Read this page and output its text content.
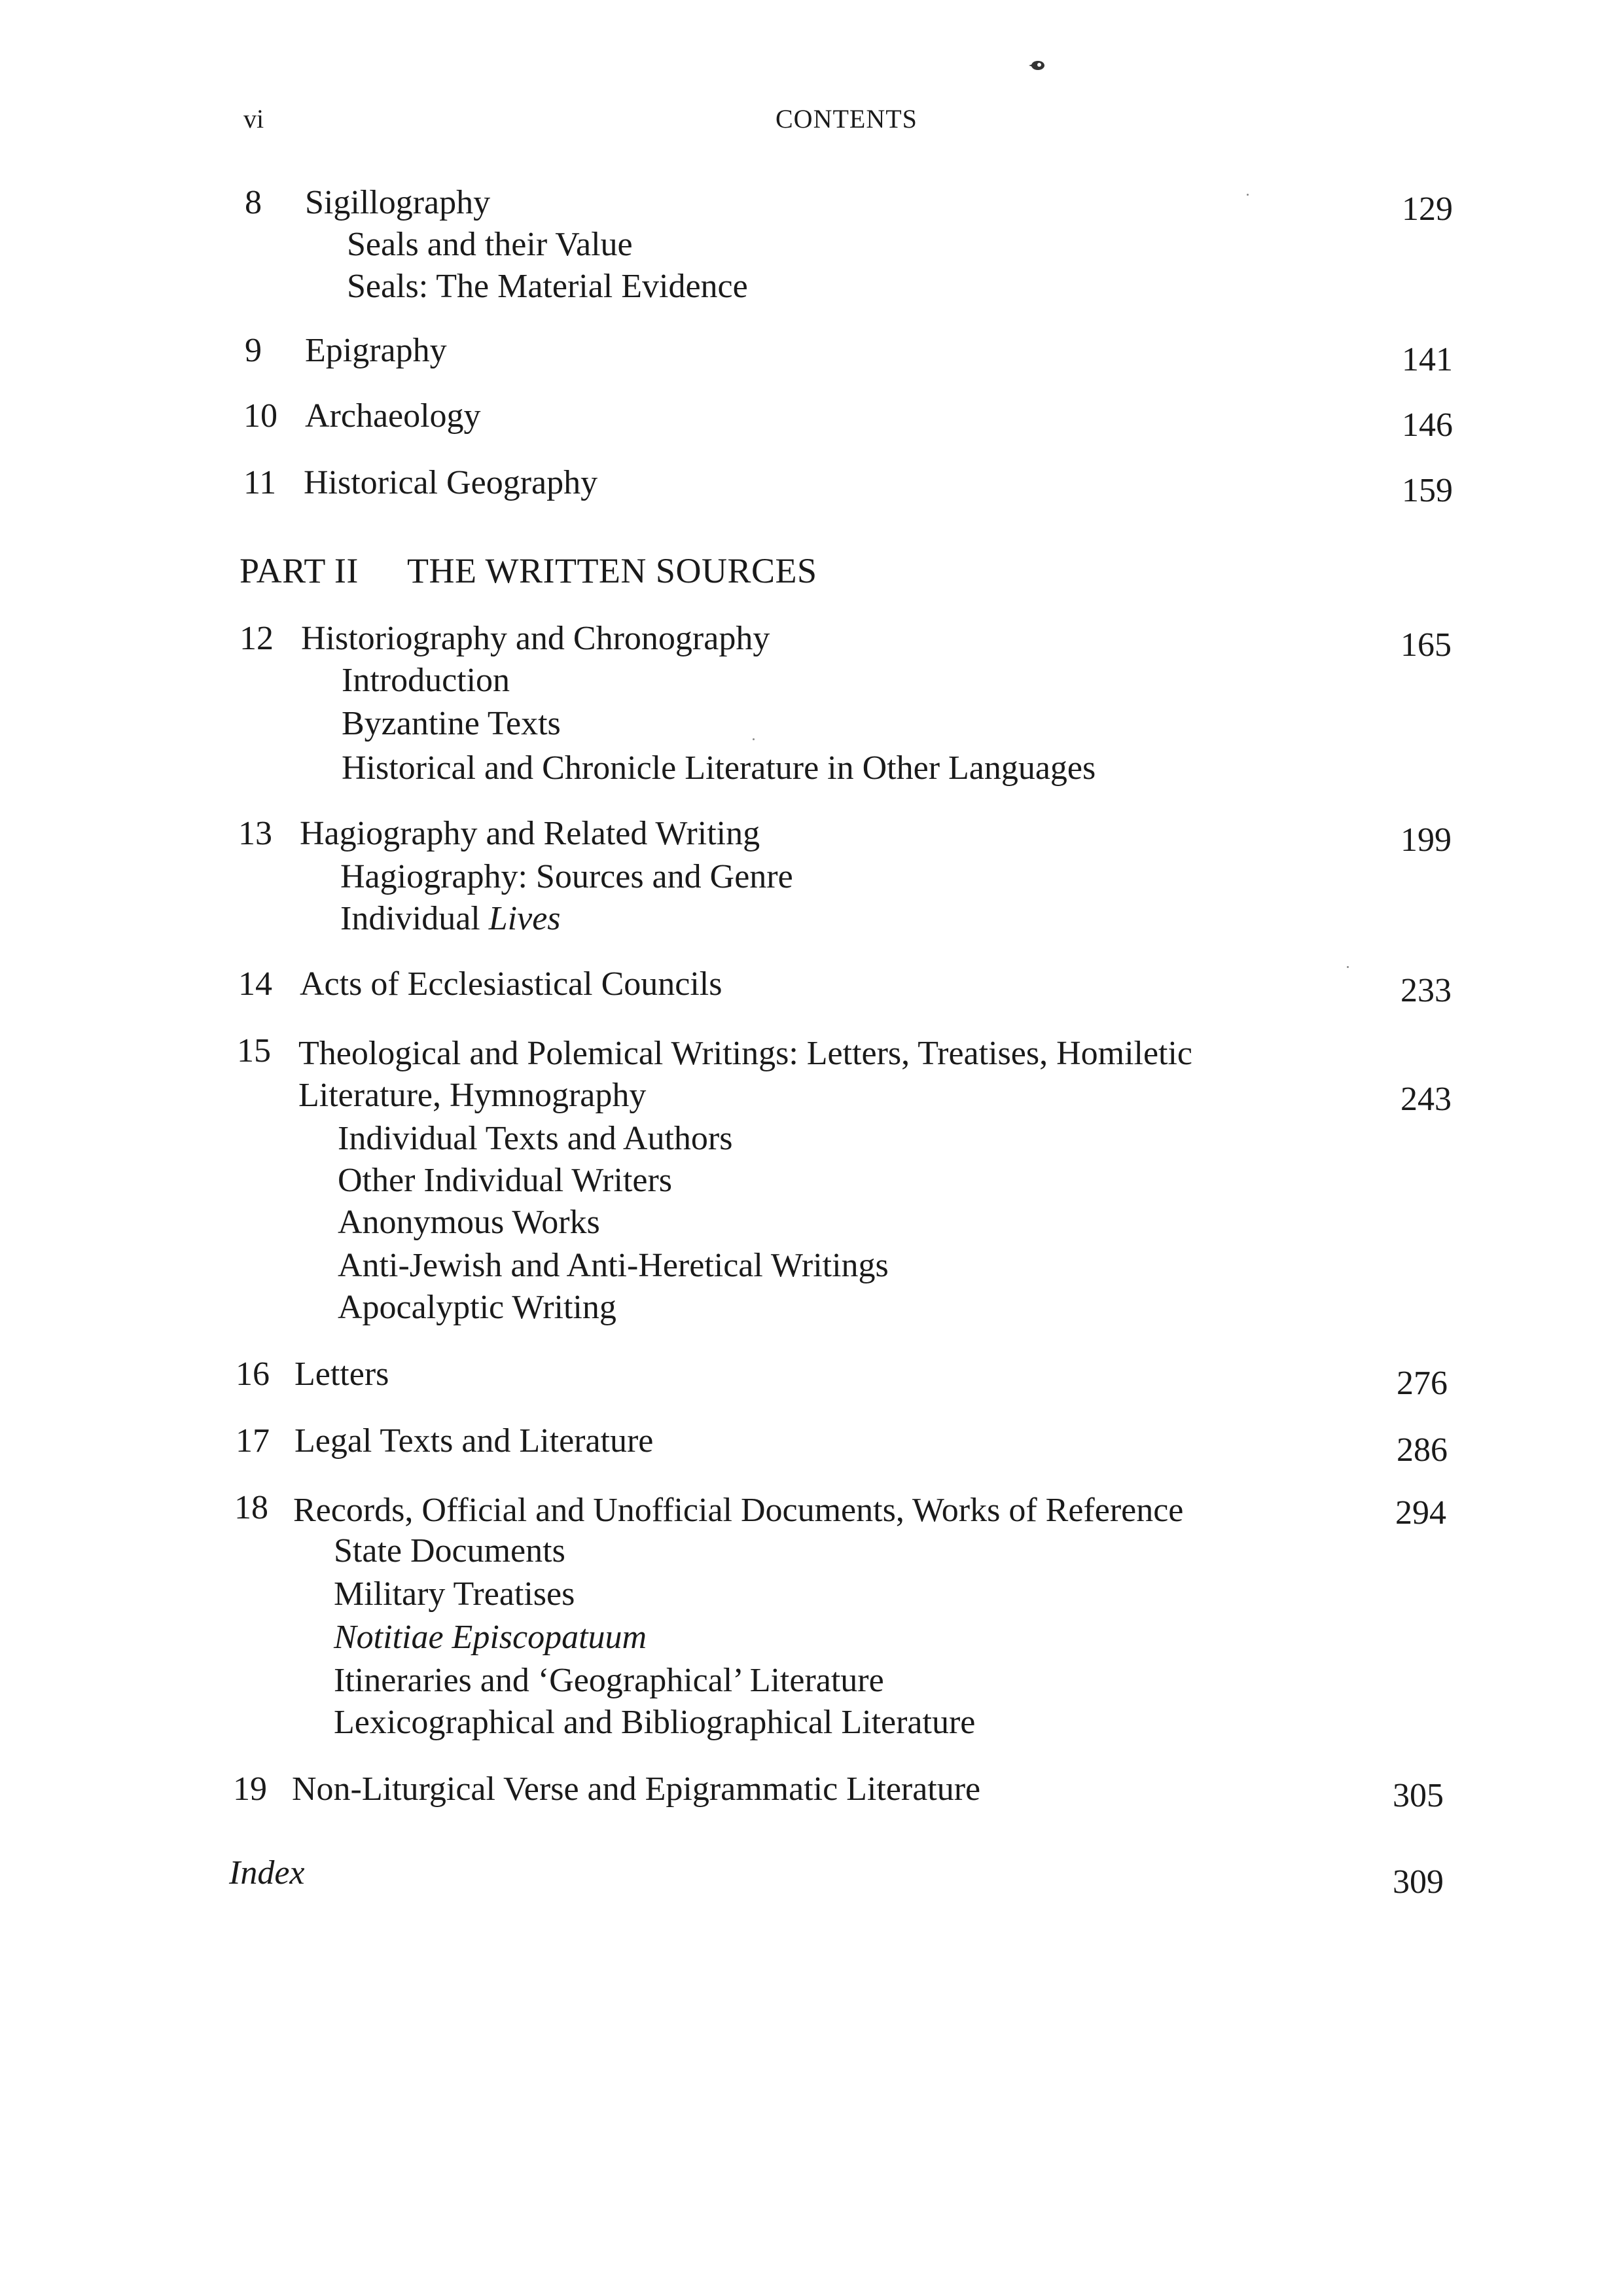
vi	CONTENTS
8 Sigillography	129
Seals and their Value
Seals: The Material Evidence
9 Epigraphy	141
10 Archaeology	146
11 Historical Geography	159
PART II THE WRITTEN SOURCES
12 Historiography and Chronography	165
Introduction
Byzantine Texts
Historical and Chronicle Literature in Other Languages
13 Hagiography and Related Writing	199
Hagiography: Sources and Genre
Individual Lives
14 Acts of Ecclesiastical Councils	233
15 Theological and Polemical Writings: Letters, Treatises, Homiletic
Literature, Hymnography	243
Individual Texts and Authors
Other Individual Writers
Anonymous Works
Anti-Jewish and Anti-Heretical Writings
Apocalyptic Writing
16 Letters	276
17 Legal Texts and Literature	286
18 Records, Official and Unofficial Documents, Works of Reference	294
State Documents
Military Treatises
Notitiae Episcopatuum
Itineraries and ‘Geographical’ Literature
Lexicographical and Bibliographical Literature
19 Non-Liturgical Verse and Epigrammatic Literature	305
Index	309
